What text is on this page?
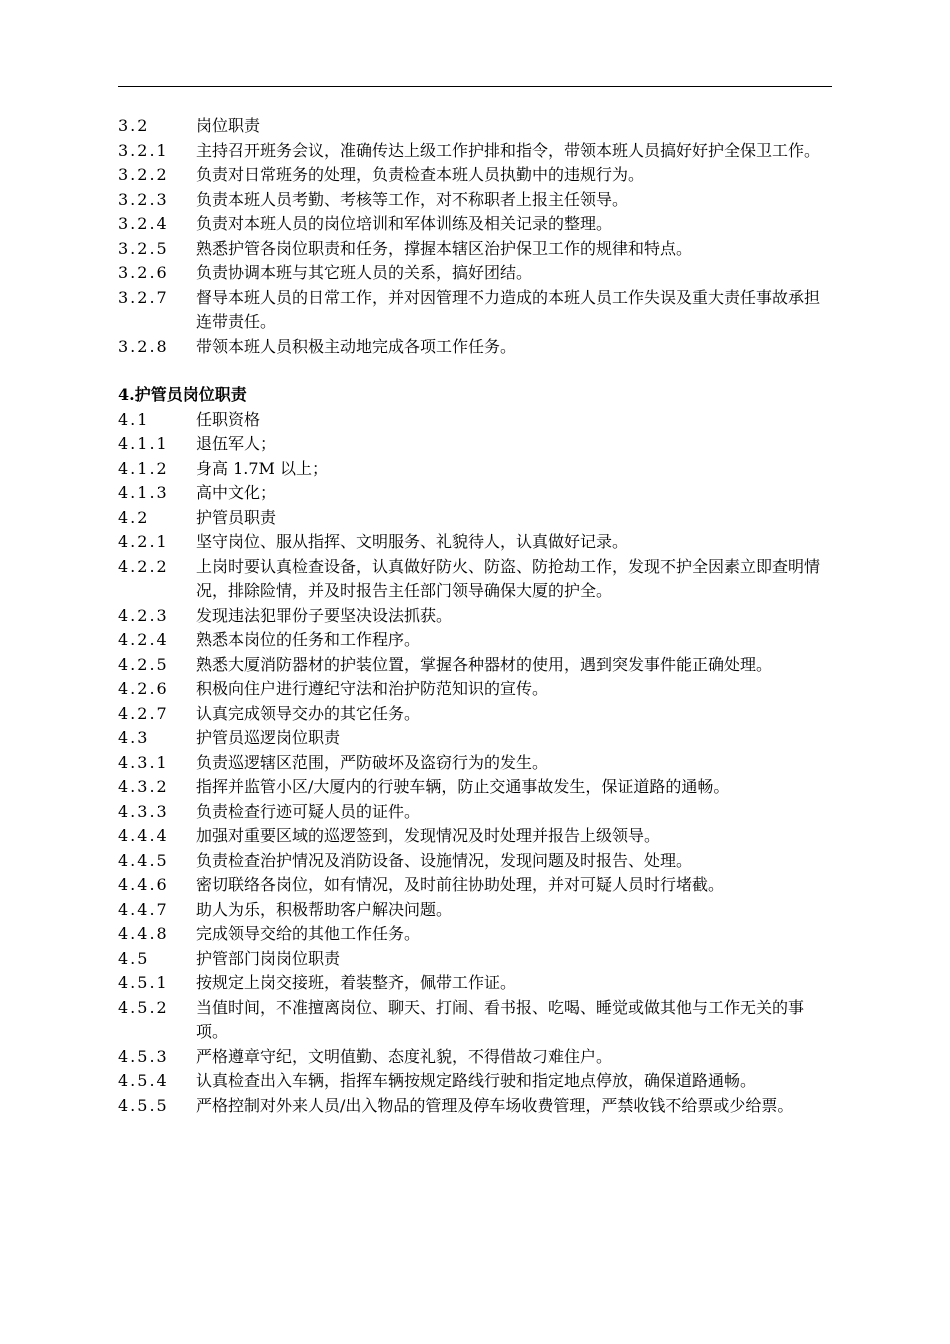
3.2	岗位职责
3.2.1	主持召开班务会议，准确传达上级工作护排和指令，带领本班人员搞好好护全保卫工作。
3.2.2	负责对日常班务的处理，负责检查本班人员执勤中的违规行为。
3.2.3	负责本班人员考勤、考核等工作，对不称职者上报主任领导。
3.2.4	负责对本班人员的岗位培训和军体训练及相关记录的整理。
3.2.5	熟悉护管各岗位职责和任务，撑握本辖区治护保卫工作的规律和特点。
3.2.6	负责协调本班与其它班人员的关系，搞好团结。
3.2.7	督导本班人员的日常工作，并对因管理不力造成的本班人员工作失误及重大责任事故承担连带责任。
3.2.8	带领本班人员积极主动地完成各项工作任务。
4.护管员岗位职责
4.1	任职资格
4.1.1	退伍军人；
4.1.2	身高 1.7M 以上；
4.1.3	高中文化；
4.2	护管员职责
4.2.1	坚守岗位、服从指挥、文明服务、礼貌待人，认真做好记录。
4.2.2	上岗时要认真检查设备，认真做好防火、防盗、防抢劫工作，发现不护全因素立即查明情况，排除险情，并及时报告主任部门领导确保大厦的护全。
4.2.3	发现违法犯罪份子要坚决设法抓获。
4.2.4	熟悉本岗位的任务和工作程序。
4.2.5	熟悉大厦消防器材的护装位置，掌握各种器材的使用，遇到突发事件能正确处理。
4.2.6	积极向住户进行遵纪守法和治护防范知识的宣传。
4.2.7	认真完成领导交办的其它任务。
4.3	护管员巡逻岗位职责
4.3.1	负责巡逻辖区范围，严防破坏及盗窃行为的发生。
4.3.2	指挥并监管小区/大厦内的行驶车辆，防止交通事故发生，保证道路的通畅。
4.3.3	负责检查行迹可疑人员的证件。
4.4.4	加强对重要区域的巡逻签到，发现情况及时处理并报告上级领导。
4.4.5	负责检查治护情况及消防设备、设施情况，发现问题及时报告、处理。
4.4.6	密切联络各岗位，如有情况，及时前往协助处理，并对可疑人员时行堵截。
4.4.7	助人为乐，积极帮助客户解决问题。
4.4.8	完成领导交给的其他工作任务。
4.5	护管部门岗岗位职责
4.5.1	按规定上岗交接班，着装整齐，佩带工作证。
4.5.2	当值时间，不准擅离岗位、聊天、打闹、看书报、吃喝、睡觉或做其他与工作无关的事项。
4.5.3	严格遵章守纪，文明值勤、态度礼貌，不得借故刁难住户。
4.5.4	认真检查出入车辆，指挥车辆按规定路线行驶和指定地点停放，确保道路通畅。
4.5.5	严格控制对外来人员/出入物品的管理及停车场收费管理，严禁收钱不给票或少给票。
